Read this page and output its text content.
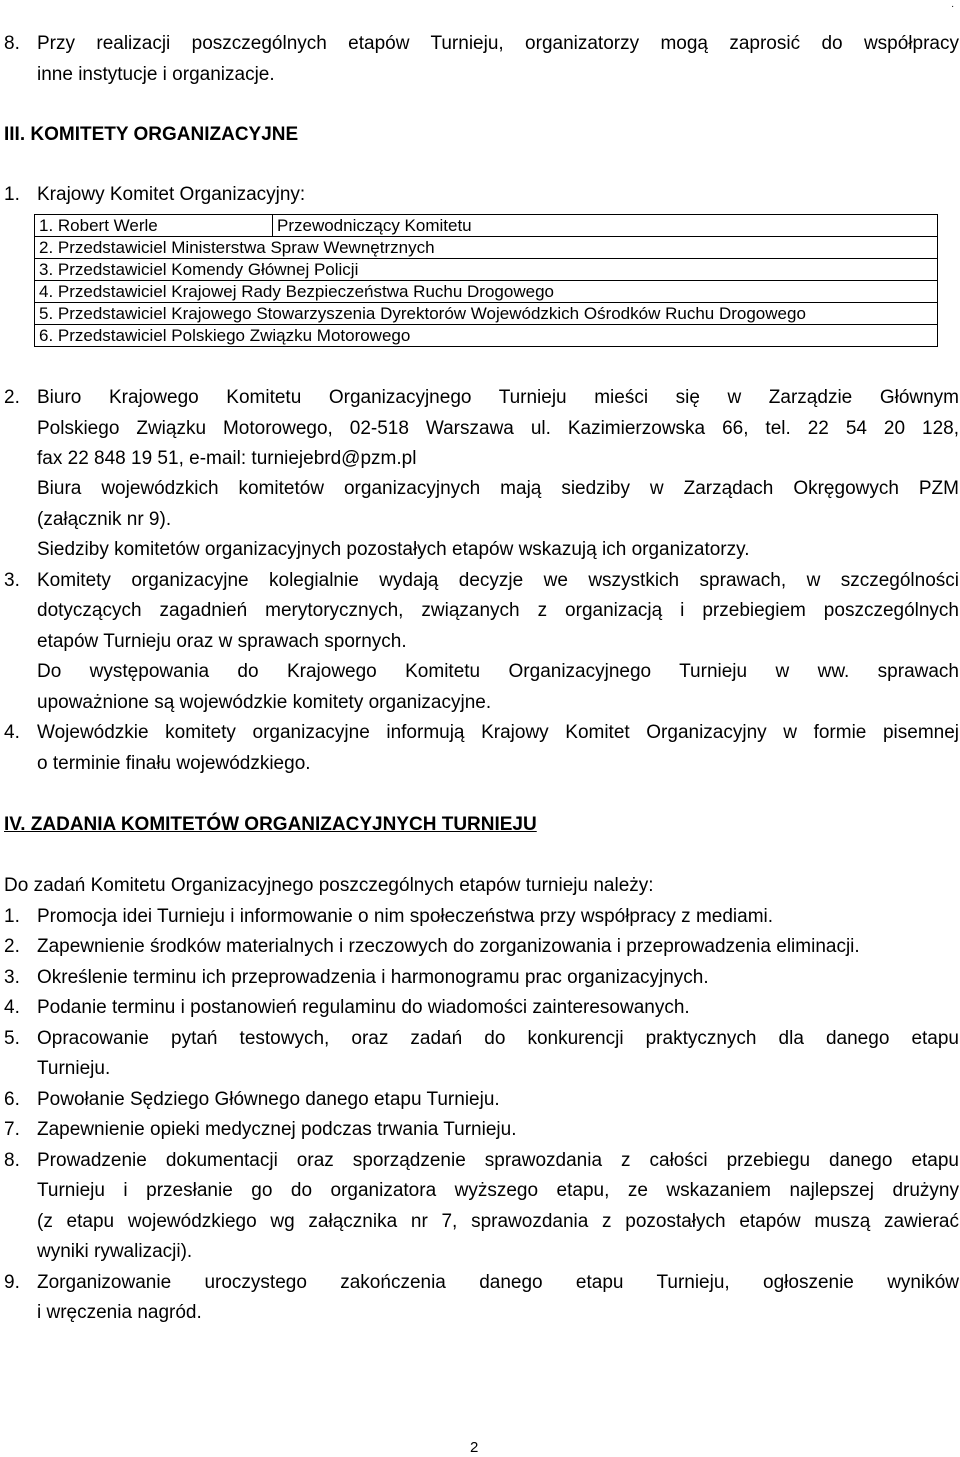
.
8. Przy realizacji poszczególnych etapów Turnieju, organizatorzy mogą zaprosić do współpracy
inne instytucje i organizacje.
III. KOMITETY ORGANIZACYJNE
1. Krajowy Komitet Organizacyjny:
1. Robert Werle	Przewodniczący Komitetu
2. Przedstawiciel Ministerstwa Spraw Wewnętrznych
3. Przedstawiciel Komendy Głównej Policji
4. Przedstawiciel Krajowej Rady Bezpieczeństwa Ruchu Drogowego
5. Przedstawiciel Krajowego Stowarzyszenia Dyrektorów Wojewódzkich Ośrodków Ruchu Drogowego
6. Przedstawiciel Polskiego Związku Motorowego
2. Biuro Krajowego Komitetu Organizacyjnego Turnieju mieści się w Zarządzie Głównym
Polskiego Związku Motorowego, 02-518 Warszawa ul. Kazimierzowska 66, tel. 22 54 20 128,
fax 22 848 19 51, e-mail: turniejebrd@pzm.pl
Biura wojewódzkich komitetów organizacyjnych mają siedziby w Zarządach Okręgowych PZM
(załącznik nr 9).
Siedziby komitetów organizacyjnych pozostałych etapów wskazują ich organizatorzy.
3. Komitety organizacyjne kolegialnie wydają decyzje we wszystkich sprawach, w szczególności
dotyczących zagadnień merytorycznych, związanych z organizacją i przebiegiem poszczególnych
etapów Turnieju oraz w sprawach spornych.
Do występowania do Krajowego Komitetu Organizacyjnego Turnieju w ww. sprawach
upoważnione są wojewódzkie komitety organizacyjne.
4. Wojewódzkie komitety organizacyjne informują Krajowy Komitet Organizacyjny w formie pisemnej
o terminie finału wojewódzkiego.
IV. ZADANIA KOMITETÓW ORGANIZACYJNYCH TURNIEJU
Do zadań Komitetu Organizacyjnego poszczególnych etapów turnieju należy:
1. Promocja idei Turnieju i informowanie o nim społeczeństwa przy współpracy z mediami.
2. Zapewnienie środków materialnych i rzeczowych do zorganizowania i przeprowadzenia eliminacji.
3. Określenie terminu ich przeprowadzenia i harmonogramu prac organizacyjnych.
4. Podanie terminu i postanowień regulaminu do wiadomości zainteresowanych.
5. Opracowanie pytań testowych, oraz zadań do konkurencji praktycznych dla danego etapu
Turnieju.
6. Powołanie Sędziego Głównego danego etapu Turnieju.
7. Zapewnienie opieki medycznej podczas trwania Turnieju.
8. Prowadzenie dokumentacji oraz sporządzenie sprawozdania z całości przebiegu danego etapu
Turnieju i przesłanie go do organizatora wyższego etapu, ze wskazaniem najlepszej drużyny
(z etapu wojewódzkiego wg załącznika nr 7, sprawozdania z pozostałych etapów muszą zawierać
wyniki rywalizacji).
9. Zorganizowanie uroczystego zakończenia danego etapu Turnieju, ogłoszenie wyników
i wręczenia nagród.
2
